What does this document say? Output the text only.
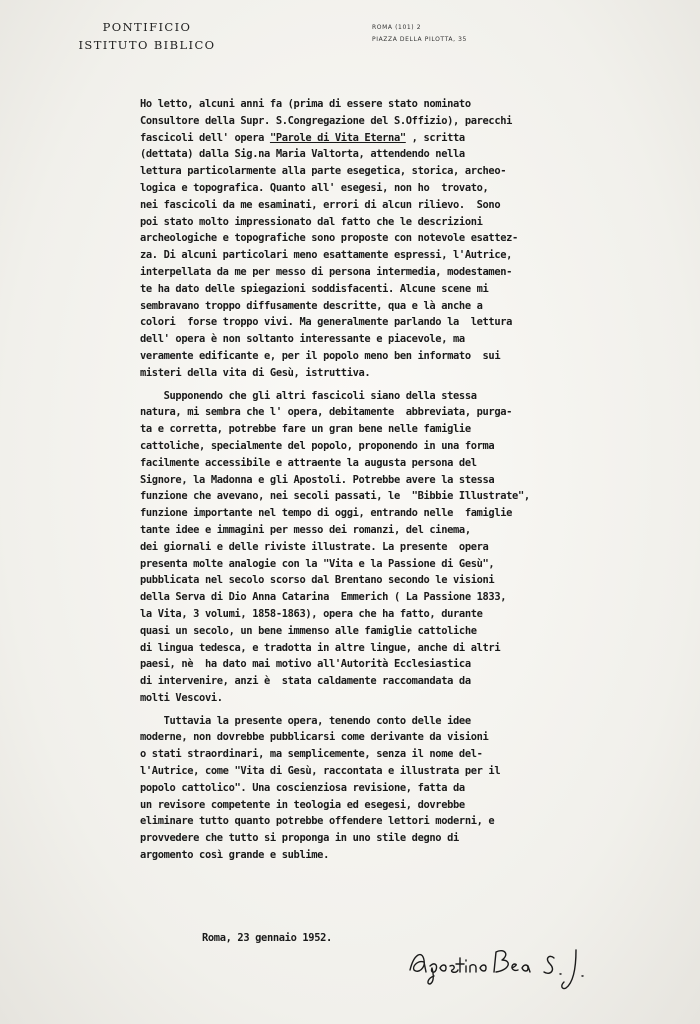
PONTIFICIO
ISTITUTO BIBLICO
ROMA (101) 2
PIAZZA DELLA PILOTTA, 35
Ho letto, alcuni anni fa (prima di essere stato nominato
Consultore della Supr. S.Congregazione del S.Offizio), parecchi
fascicoli dell' opera "Parole di Vita Eterna" , scritta
(dettata) dalla Sig.na Maria Valtorta, attendendo nella
lettura particolarmente alla parte esegetica, storica, archeo-
logica e topografica. Quanto all' esegesi, non ho  trovato,
nei fascicoli da me esaminati, errori di alcun rilievo.  Sono
poi stato molto impressionato dal fatto che le descrizioni
archeologiche e topografiche sono proposte con notevole esattez-
za. Di alcuni particolari meno esattamente espressi, l'Autrice,
interpellata da me per messo di persona intermedia, modestamen-
te ha dato delle spiegazioni soddisfacenti. Alcune scene mi
sembravano troppo diffusamente descritte, qua e là anche a
colori  forse troppo vivi. Ma generalmente parlando la  lettura
dell' opera è non soltanto interessante e piacevole, ma
veramente edificante e, per il popolo meno ben informato  sui
misteri della vita di Gesù, istruttiva.
Supponendo che gli altri fascicoli siano della stessa
natura, mi sembra che l' opera, debitamente  abbreviata, purga-
ta e corretta, potrebbe fare un gran bene nelle famiglie
cattoliche, specialmente del popolo, proponendo in una forma
facilmente accessibile e attraente la augusta persona del
Signore, la Madonna e gli Apostoli. Potrebbe avere la stessa
funzione che avevano, nei secoli passati, le  "Bibbie Illustrate",
funzione importante nel tempo di oggi, entrando nelle  famiglie
tante idee e immagini per messo dei romanzi, del cinema,
dei giornali e delle riviste illustrate. La presente  opera
presenta molte analogie con la "Vita e la Passione di Gesù",
pubblicata nel secolo scorso dal Brentano secondo le visioni
della Serva di Dio Anna Catarina  Emmerich ( La Passione 1833,
la Vita, 3 volumi, 1858-1863), opera che ha fatto, durante
quasi un secolo, un bene immenso alle famiglie cattoliche
di lingua tedesca, e tradotta in altre lingue, anche di altri
paesi, nè  ha dato mai motivo all'Autorità Ecclesiastica
di intervenire, anzi è  stata caldamente raccomandata da
molti Vescovi.
Tuttavia la presente opera, tenendo conto delle idee
moderne, non dovrebbe pubblicarsi come derivante da visioni
o stati straordinari, ma semplicemente, senza il nome del-
l'Autrice, come "Vita di Gesù, raccontata e illustrata per il
popolo cattolico". Una coscienziosa revisione, fatta da
un revisore competente in teologia ed esegesi, dovrebbe
eliminare tutto quanto potrebbe offendere lettori moderni, e
provvedere che tutto si proponga in uno stile degno di
argomento così grande e sublime.
Roma, 23 gennaio 1952.
